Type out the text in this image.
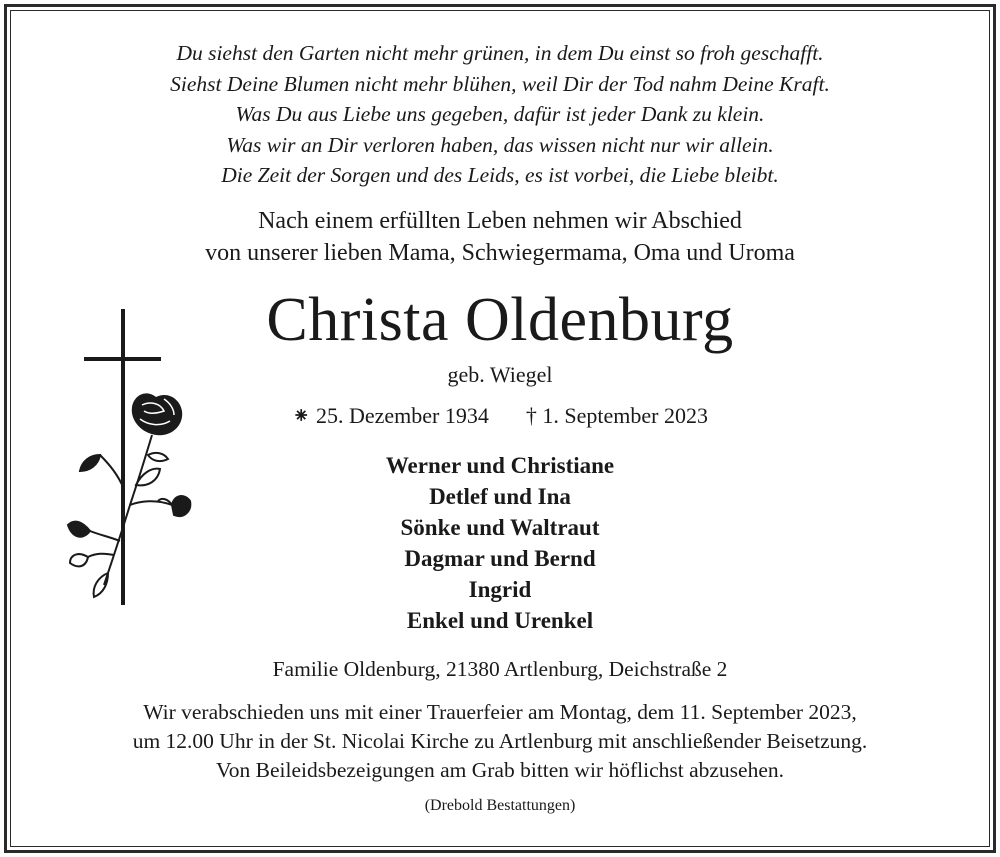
Du siehst den Garten nicht mehr grünen, in dem Du einst so froh geschafft.
Siehst Deine Blumen nicht mehr blühen, weil Dir der Tod nahm Deine Kraft.
Was Du aus Liebe uns gegeben, dafür ist jeder Dank zu klein.
Was wir an Dir verloren haben, das wissen nicht nur wir allein.
Die Zeit der Sorgen und des Leids, es ist vorbei, die Liebe bleibt.
Nach einem erfüllten Leben nehmen wir Abschied
von unserer lieben Mama, Schwiegermama, Oma und Uroma
Christa Oldenburg
geb. Wiegel
⁕ 25. Dezember 1934 † 1. September 2023
Werner und Christiane
Detlef und Ina
Sönke und Waltraut
Dagmar und Bernd
Ingrid
Enkel und Urenkel
Familie Oldenburg, 21380 Artlenburg, Deichstraße 2
Wir verabschieden uns mit einer Trauerfeier am Montag, dem 11. September 2023,
um 12.00 Uhr in der St. Nicolai Kirche zu Artlenburg mit anschließender Beisetzung.
Von Beileidsbezeigungen am Grab bitten wir höflichst abzusehen.
(Drebold Bestattungen)
